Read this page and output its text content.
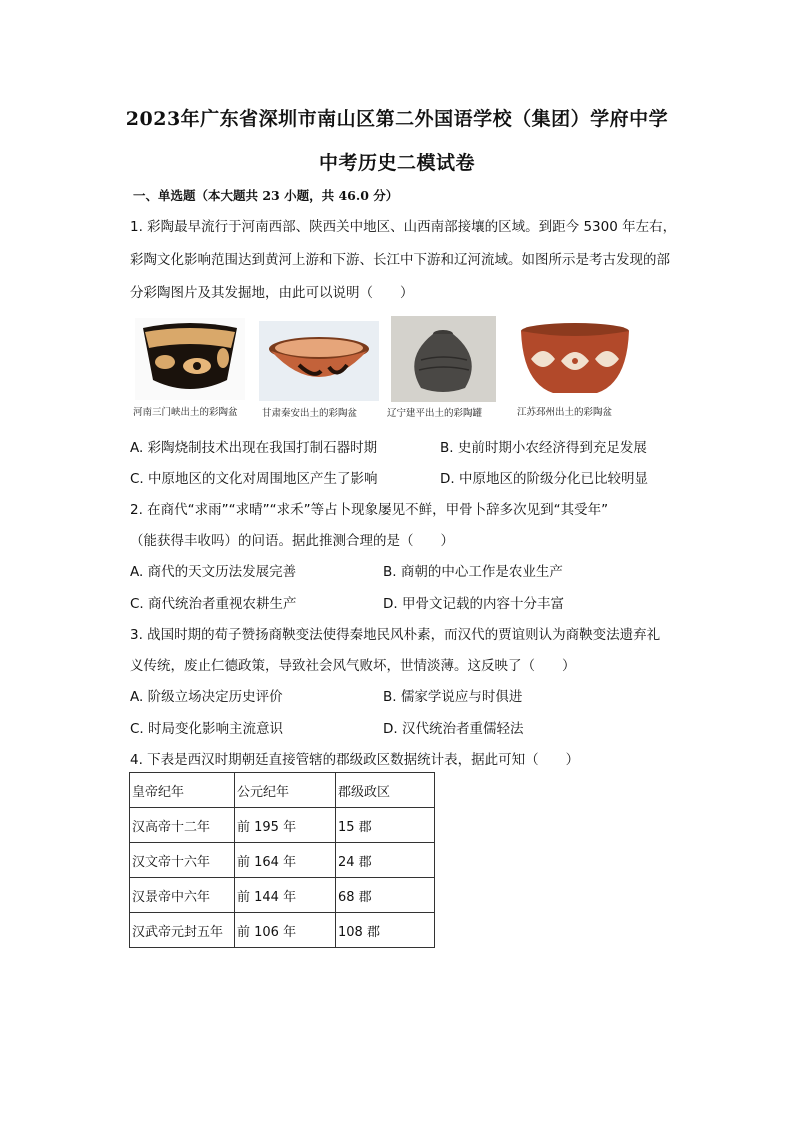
2023年广东省深圳市南山区第二外国语学校（集团）学府中学
中考历史二模试卷
一、单选题（本大题共 23 小题，共 46.0 分）
1. 彩陶最早流行于河南西部、陕西关中地区、山西南部接壤的区域。到距今 5300 年左右，
彩陶文化影响范围达到黄河上游和下游、长江中下游和辽河流域。如图所示是考古发现的部
分彩陶图片及其发掘地，由此可以说明（　　）
河南三门峡出土的彩陶盆	甘肃秦安出土的彩陶盆	辽宁建平出土的彩陶罐	江苏邳州出土的彩陶盆
A. 彩陶烧制技术出现在我国打制石器时期	B. 史前时期小农经济得到充足发展
C. 中原地区的文化对周围地区产生了影响	D. 中原地区的阶级分化已比较明显
2. 在商代“求雨”“求晴”“求禾”等占卜现象屡见不鲜，甲骨卜辞多次见到“其受年”
（能获得丰收吗）的问语。据此推测合理的是（　　）
A. 商代的天文历法发展完善	B. 商朝的中心工作是农业生产
C. 商代统治者重视农耕生产	D. 甲骨文记载的内容十分丰富
3. 战国时期的荀子赞扬商鞅变法使得秦地民风朴素，而汉代的贾谊则认为商鞅变法遗弃礼
义传统，废止仁德政策，导致社会风气败坏，世情淡薄。这反映了（　　）
A. 阶级立场决定历史评价	B. 儒家学说应与时俱进
C. 时局变化影响主流意识	D. 汉代统治者重儒轻法
4. 下表是西汉时期朝廷直接管辖的郡级政区数据统计表，据此可知（　　）
皇帝纪年	公元纪年	郡级政区
汉高帝十二年	前 195 年	15 郡
汉文帝十六年	前 164 年	24 郡
汉景帝中六年	前 144 年	68 郡
汉武帝元封五年	前 106 年	108 郡
